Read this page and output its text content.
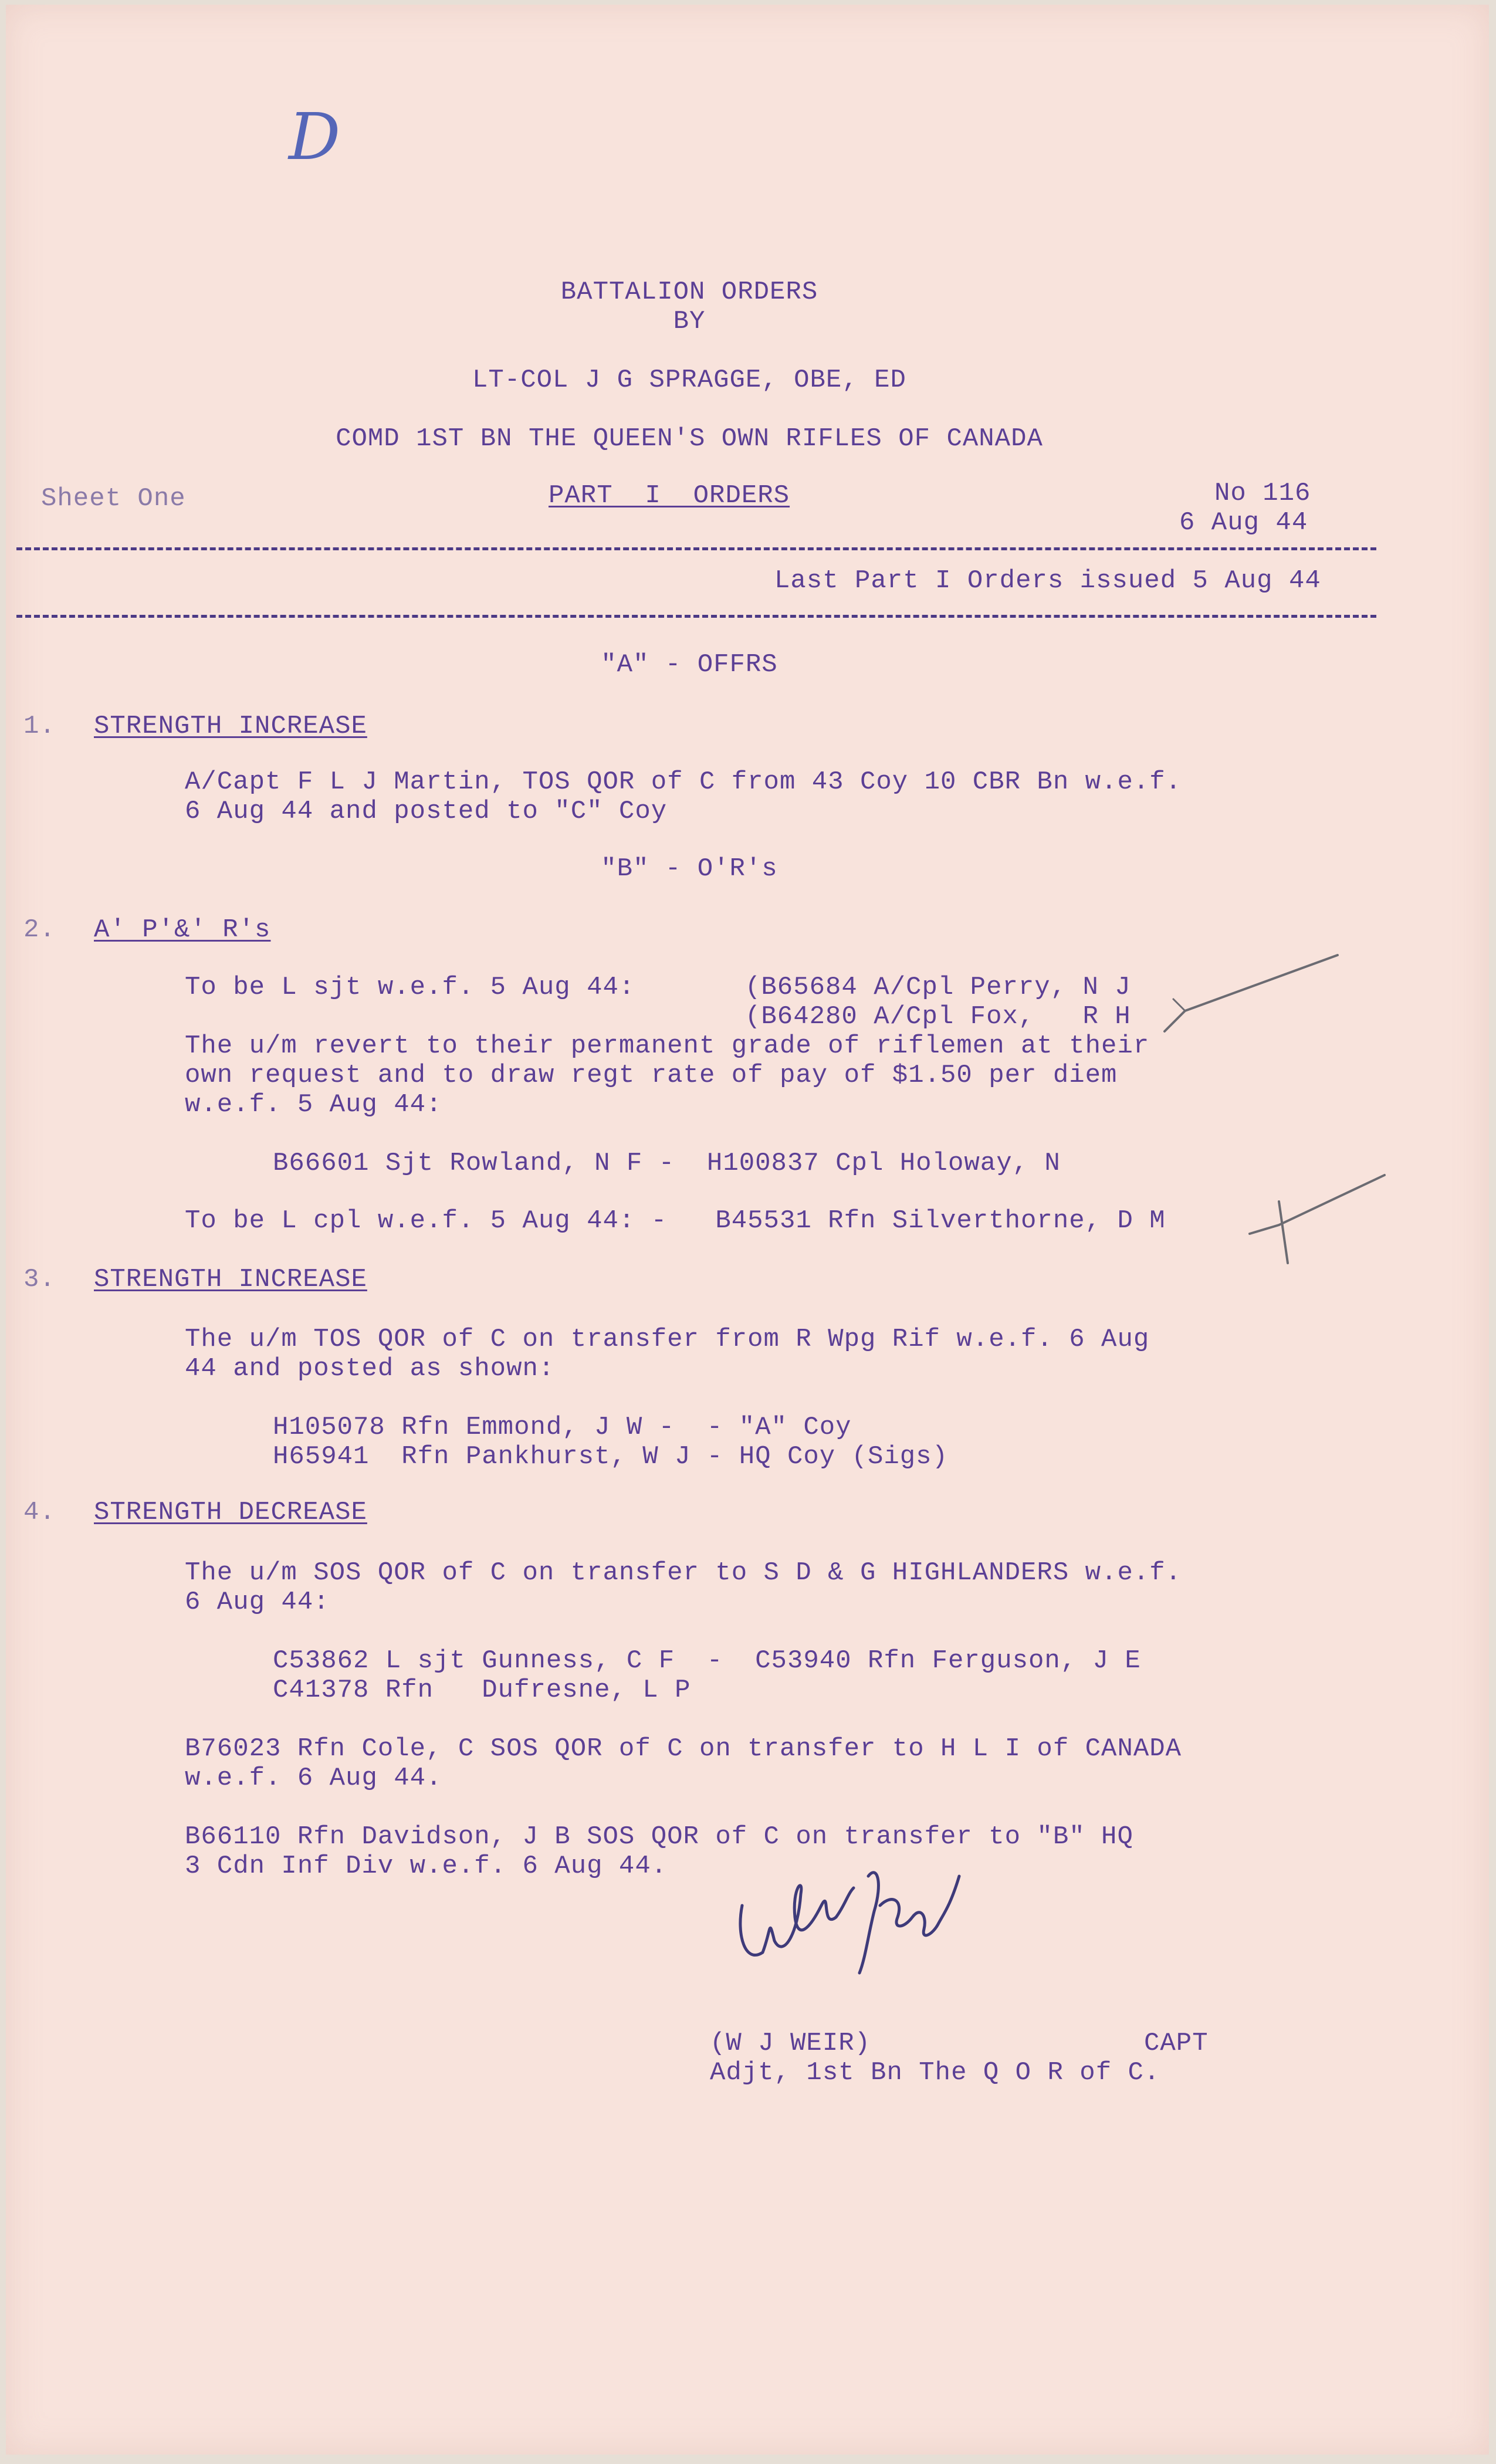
D
BATTALION ORDERS
BY
LT-COL J G SPRAGGE, OBE, ED
COMD 1ST BN THE QUEEN'S OWN RIFLES OF CANADA
Sheet One	PART  I  ORDERS	No 116
6 Aug 44
Last Part I Orders issued 5 Aug 44
"A" - OFFRS
1. STRENGTH INCREASE
A/Capt F L J Martin, TOS QOR of C from 43 Coy 10 CBR Bn w.e.f.
6 Aug 44 and posted to "C" Coy
"B" - O'R's
2. A' P'&' R's
To be L sjt w.e.f. 5 Aug 44:	(B65684 A/Cpl Perry, N J
(B64280 A/Cpl Fox,   R H
The u/m revert to their permanent grade of riflemen at their
own request and to draw regt rate of pay of $1.50 per diem
w.e.f. 5 Aug 44:
B66601 Sjt Rowland, N F -  H100837 Cpl Holoway, N
To be L cpl w.e.f. 5 Aug 44: -   B45531 Rfn Silverthorne, D M
3. STRENGTH INCREASE
The u/m TOS QOR of C on transfer from R Wpg Rif w.e.f. 6 Aug
44 and posted as shown:
H105078 Rfn Emmond, J W -  - "A" Coy
H65941  Rfn Pankhurst, W J - HQ Coy (Sigs)
4. STRENGTH DECREASE
The u/m SOS QOR of C on transfer to S D & G HIGHLANDERS w.e.f.
6 Aug 44:
C53862 L sjt Gunness, C F  -  C53940 Rfn Ferguson, J E
C41378 Rfn   Dufresne, L P
B76023 Rfn Cole, C SOS QOR of C on transfer to H L I of CANADA
w.e.f. 6 Aug 44.
B66110 Rfn Davidson, J B SOS QOR of C on transfer to "B" HQ
3 Cdn Inf Div w.e.f. 6 Aug 44.
(W J WEIR)	CAPT
Adjt, 1st Bn The Q O R of C.
